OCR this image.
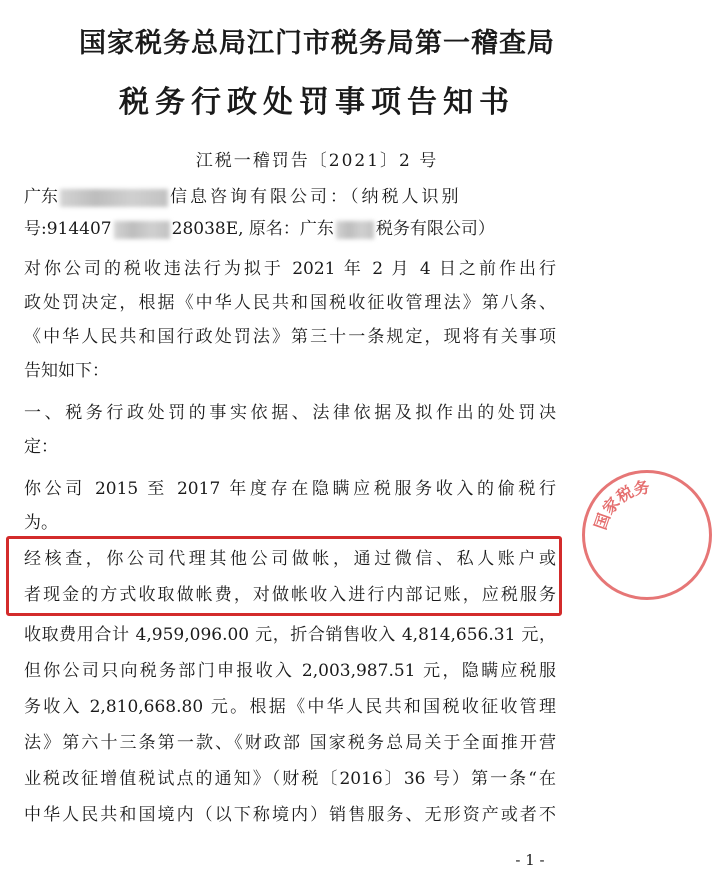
国家税务总局江门市税务局第一稽查局
税务行政处罚事项告知书
江税一稽罚告〔2021〕2 号
广东	信息咨询有限公司：（纳税人识别
号:914407	28038E, 原名：广东 税务有限公司）
对你公司的税收违法行为拟于 2021 年 2 月 4 日之前作出行
政处罚决定，根据《中华人民共和国税收征收管理法》第八条、
《中华人民共和国行政处罚法》第三十一条规定，现将有关事项
告知如下：
一、税务行政处罚的事实依据、法律依据及拟作出的处罚决
定：
你公司 2015 至 2017 年度存在隐瞒应税服务收入的偷税行
为。
经核查，你公司代理其他公司做帐，通过微信、私人账户或
者现金的方式收取做帐费，对做帐收入进行内部记账，应税服务
收取费用合计 4,959,096.00 元，折合销售收入 4,814,656.31 元，
但你公司只向税务部门申报收入 2,003,987.51 元，隐瞒应税服
务收入 2,810,668.80 元。根据《中华人民共和国税收征收管理
法》第六十三条第一款、《财政部 国家税务总局关于全面推开营
业税改征增值税试点的通知》（财税〔2016〕36 号）第一条“在
中华人民共和国境内（以下称境内）销售服务、无形资产或者不
国家税务
- 1 -
